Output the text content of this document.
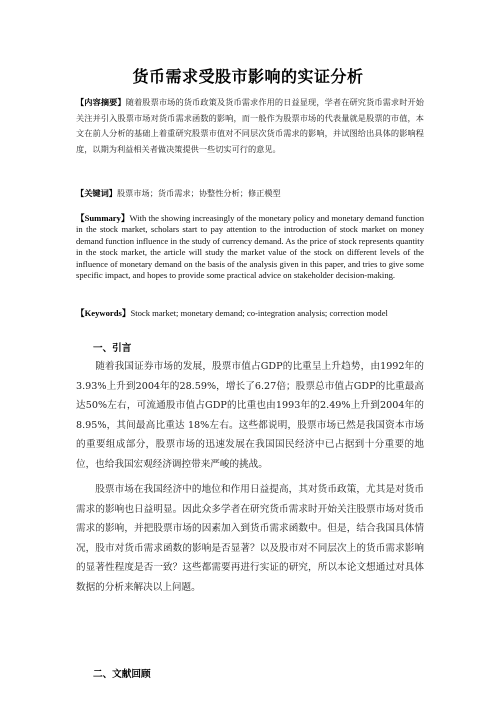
货币需求受股市影响的实证分析
【内容摘要】随着股票市场的货币政策及货币需求作用的日益显现，学者在研究货币需求时开始关注并引入股票市场对货币需求函数的影响，而一般作为股票市场的代表量就是股票的市值，本文在前人分析的基础上着重研究股票市值对不同层次货币需求的影响，并试图给出具体的影响程度，以期为利益相关者做决策提供一些切实可行的意见。
【关键词】股票市场；货币需求；协整性分析；修正模型
【Summary】With the showing increasingly of the monetary policy and monetary demand function in the stock market, scholars start to pay attention to the introduction of stock market on money demand function influence in the study of currency demand. As the price of stock represents quantity in the stock market, the article will study the market value of the stock on different levels of the influence of monetary demand on the basis of the analysis given in this paper, and tries to give some specific impact, and hopes to provide some practical advice on stakeholder decision-making.
【Keywords】Stock market; monetary demand; co-integration analysis; correction model
一、引言

随着我国证券市场的发展，股票市值占GDP的比重呈上升趋势，由1992年的3.93%上升到2004年的28.59%，增长了6.27倍；股票总市值占GDP的比重最高达50%左右，可流通股市值占GDP的比重也由1993年的2.49%上升到2004年的8.95%，其间最高比重达 18%左右。这些都说明，股票市场已然是我国资本市场的重要组成部分，股票市场的迅速发展在我国国民经济中已占据到十分重要的地位，也给我国宏观经济调控带来严峻的挑战。

股票市场在我国经济中的地位和作用日益提高，其对货币政策，尤其是对货币需求的影响也日益明显。因此众多学者在研究货币需求时开始关注股票市场对货币需求的影响，并把股票市场的因素加入到货币需求函数中。但是，结合我国具体情况，股市对货币需求函数的影响是否显著？以及股市对不同层次上的货币需求影响的显著性程度是否一致？这些都需要再进行实证的研究，所以本论文想通过对具体数据的分析来解决以上问题。

二、文献回顾
